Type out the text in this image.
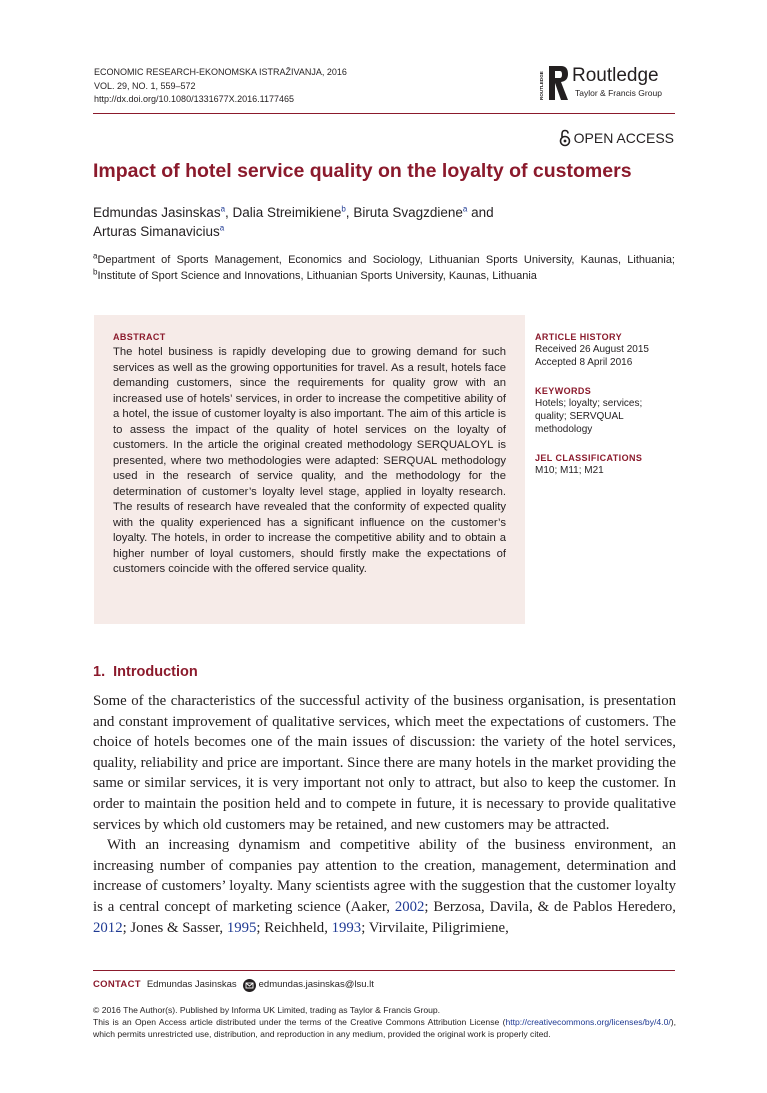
ECONOMIC RESEARCH-EKONOMSKA ISTRAŽIVANJA, 2016
VOL. 29, NO. 1, 559–572
http://dx.doi.org/10.1080/1331677X.2016.1177465	ROUTLEDGE Routledge
Taylor & Francis Group
OPEN ACCESS
Impact of hotel service quality on the loyalty of customers
Edmundas Jasinskas$^a$, Dalia Streimikiene$^b$, Biruta Svagzdiene$^a$ and
Arturas Simanavicius$^a$
$^a$Department of Sports Management, Economics and Sociology, Lithuanian Sports University, Kaunas, Lithuania; $^b$Institute of Sport Science and Innovations, Lithuanian Sports University, Kaunas, Lithuania
ABSTRACT
The hotel business is rapidly developing due to growing demand for such services as well as the growing opportunities for travel. As a result, hotels face demanding customers, since the requirements for quality grow with an increased use of hotels’ services, in order to increase the competitive ability of a hotel, the issue of customer loyalty is also important. The aim of this article is to assess the impact of the quality of hotel services on the loyalty of customers. In the article the original created methodology SERQUALOYL is presented, where two methodologies were adapted: SERQUAL methodology used in the research of service quality, and the methodology for the determination of customer’s loyalty level stage, applied in loyalty research. The results of research have revealed that the conformity of expected quality with the quality experienced has a significant influence on the customer’s loyalty. The hotels, in order to increase the competitive ability and to obtain a higher number of loyal customers, should firstly make the expectations of customers coincide with the offered service quality.
ARTICLE HISTORY
Received 26 August 2015
Accepted 8 April 2016
KEYWORDS
Hotels; loyalty; services; quality; SERVQUAL methodology
JEL CLASSIFICATIONS
M10; M11; M21
1. Introduction

Some of the characteristics of the successful activity of the business organisation, is presentation and constant improvement of qualitative services, which meet the expectations of customers. The choice of hotels becomes one of the main issues of discussion: the variety of the hotel services, quality, reliability and price are important. Since there are many hotels in the market providing the same or similar services, it is very important not only to attract, but also to keep the customer. In order to maintain the position held and to compete in future, it is necessary to provide qualitative services by which old customers may be retained, and new customers may be attracted.

With an increasing dynamism and competitive ability of the business environment, an increasing number of companies pay attention to the creation, management, determination and increase of customers’ loyalty. Many scientists agree with the suggestion that the customer loyalty is a central concept of marketing science (Aaker, 2002; Berzosa, Davila, & de Pablos Heredero, 2012; Jones & Sasser, 1995; Reichheld, 1993; Virvilaite, Piligrimiene,

CONTACT Edmundas Jasinskas edmundas.jasinskas@lsu.lt
© 2016 The Author(s). Published by Informa UK Limited, trading as Taylor & Francis Group.
This is an Open Access article distributed under the terms of the Creative Commons Attribution License (http://creativecommons.org/licenses/by/4.0/), which permits unrestricted use, distribution, and reproduction in any medium, provided the original work is properly cited.
